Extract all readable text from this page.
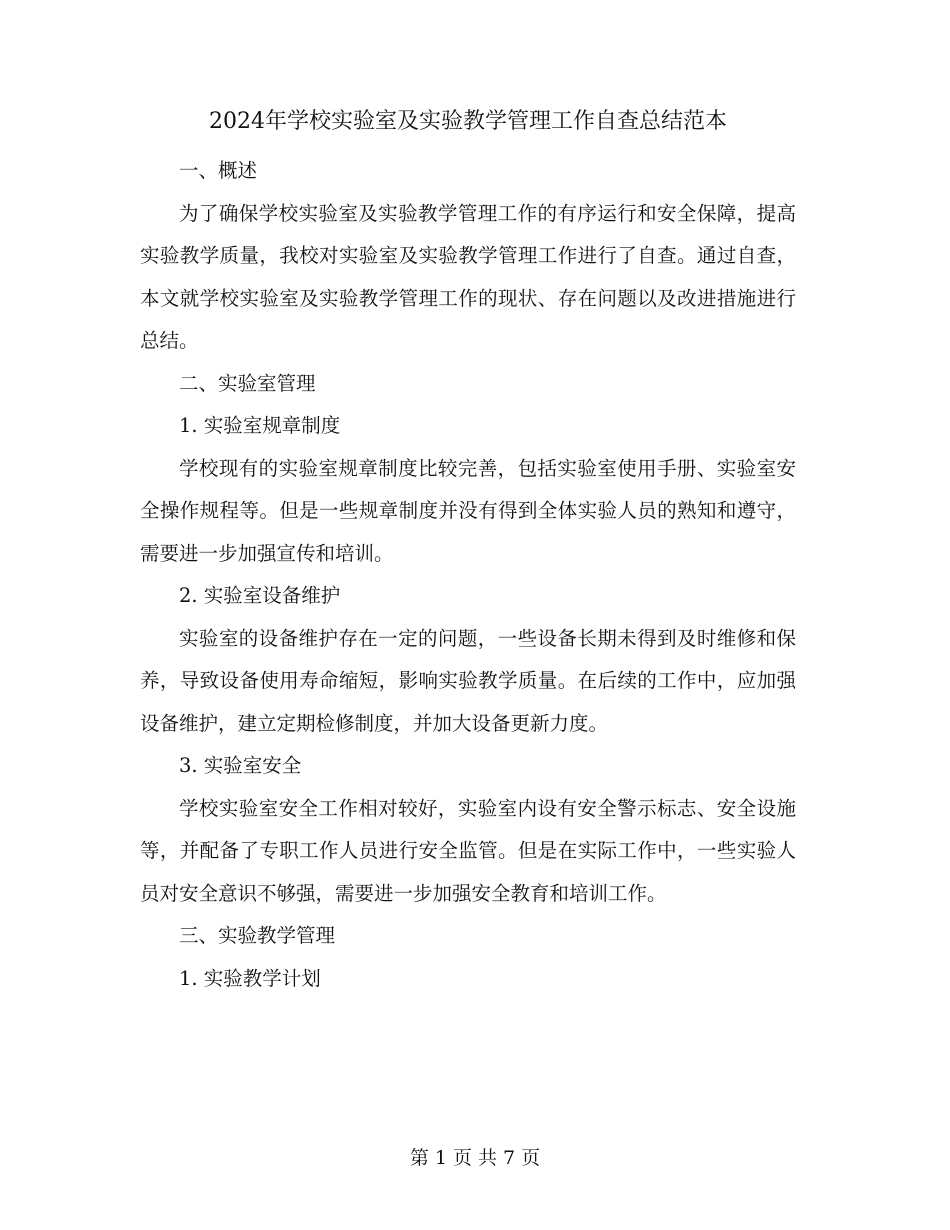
2024年学校实验室及实验教学管理工作自查总结范本
一、概述

为了确保学校实验室及实验教学管理工作的有序运行和安全保障，提高实验教学质量，我校对实验室及实验教学管理工作进行了自查。通过自查，本文就学校实验室及实验教学管理工作的现状、存在问题以及改进措施进行总结。

二、实验室管理
1. 实验室规章制度

学校现有的实验室规章制度比较完善，包括实验室使用手册、实验室安全操作规程等。但是一些规章制度并没有得到全体实验人员的熟知和遵守，需要进一步加强宣传和培训。

2. 实验室设备维护

实验室的设备维护存在一定的问题，一些设备长期未得到及时维修和保养，导致设备使用寿命缩短，影响实验教学质量。在后续的工作中，应加强设备维护，建立定期检修制度，并加大设备更新力度。

3. 实验室安全

学校实验室安全工作相对较好，实验室内设有安全警示标志、安全设施等，并配备了专职工作人员进行安全监管。但是在实际工作中，一些实验人员对安全意识不够强，需要进一步加强安全教育和培训工作。

三、实验教学管理
1. 实验教学计划
第 1 页 共 7 页
